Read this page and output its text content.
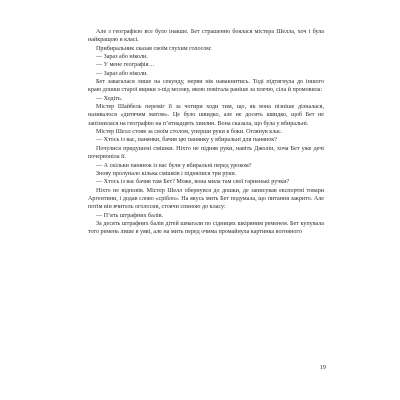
Але з географією все було інакше. Бет страшенно боялася містера Шелла, хоч і була найкращою в класі.

Прибиральник сказав своїм глухим голосом:

— Зараз або ніколи.

— У мене географія…

— Зараз або ніколи.

Бет завагалася лише на секунду, нерви нік навакнитись. Тоді підтягнула до іншого краю дошки старої ящики з-під мозоку, якою повітала раніше за плечю, сіла й промовила:

— Ходіть.

Містер Шайбель переміг її за чотири ходи тим, що, як вона пізніше дізналася, називалося «дитячим матом». Це було швидко, але не досить швидко, щоб Бет не запізнилася на географію на п’ятнадцять хвилин. Вона сказала, що була у вбиральні.

Містер Шелл стояв за своїм столом, уперши руки в боки. Оглянув клас.

— Хтось із вас, панянки, бачив цю панянку у вбиральні для панянок?

Почулися придушені смішки. Ніхто не підняв руки, навіть Джолін, хоча Бет уже дечі почервоніла її.

— А скільки панянок із вас були у вбиральні перед уроком?

Знову пролунало кілька смішків і піднялися три руки.

— Хтось із вас бачив там Бет? Може, вона мила там свої гарненькі ручки?

Ніхто не відповів. Містер Шелл обернувся до дошки, де записував експортні товари Аргентини, і додав слово «срібло». На якусь мить Бет подумала, що питання закрито. Але потім він вчитель оголосив, стоячи спиною до класу:

— П’ять штрафних балів.

За десять штрафних балів дітей шмагали по сідницях шкіряним ременем. Бет купувала того ремень лише в уяві, але на мить перед очима промайнула картинка вогняного

19
